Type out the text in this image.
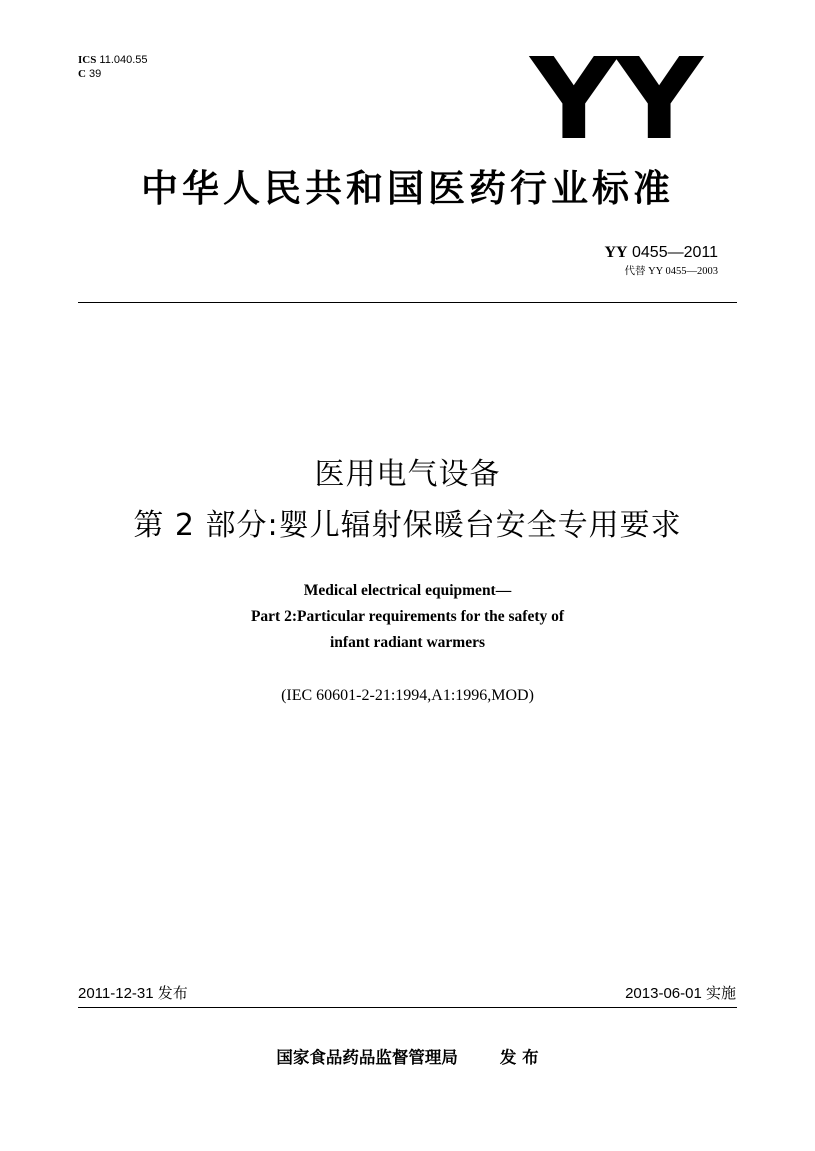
ICS 11.040.55
C 39	YY
中华人民共和国医药行业标准
YY 0455—2011
代替 YY 0455—2003
医用电气设备
第 2 部分:婴儿辐射保暖台安全专用要求
Medical electrical equipment—
Part 2:Particular requirements for the safety of
infant radiant warmers
(IEC 60601-2-21:1994,A1:1996,MOD)
2011-12-31 发布	2013-06-01 实施
国家食品药品监督管理局	发 布
